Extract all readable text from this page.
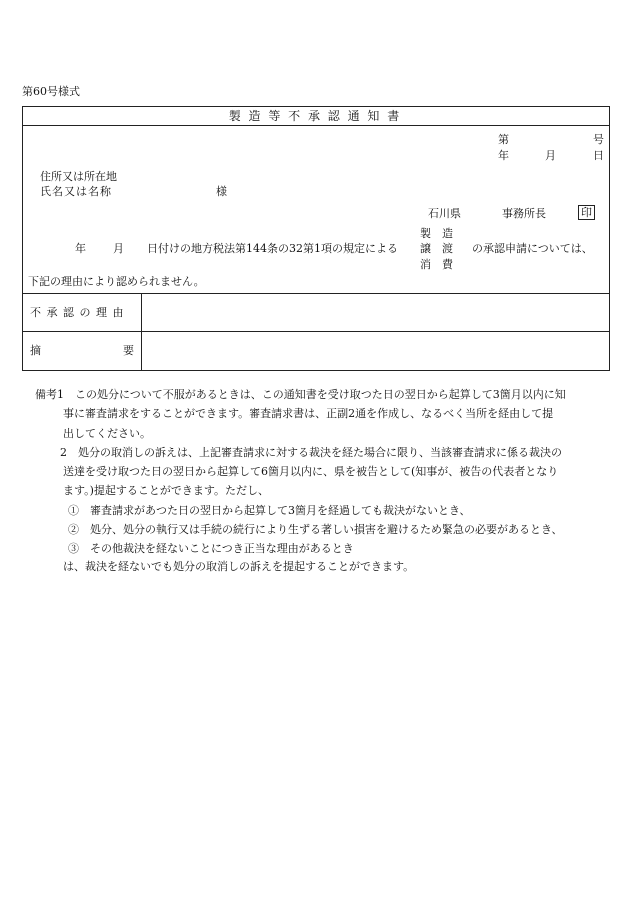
第60号様式
製 造 等 不 承 認 通 知 書
第	号
年	月	日
住所又は所在地
氏名又は名称	様
石川県	事務所長	印
年 月 日付けの地方税法第144条の32第1項の規定による
製　造
譲　渡
消　費
の承認申請については、
下記の理由により認められません。
不 承 認 の 理 由
摘	要
備考1　この処分について不服があるときは、この通知書を受け取つた日の翌日から起算して3箇月以内に知
事に審査請求をすることができます。審査請求書は、正副2通を作成し、なるべく当所を経由して提
出してください。
2　処分の取消しの訴えは、上記審査請求に対する裁決を経た場合に限り、当該審査請求に係る裁決の
送達を受け取つた日の翌日から起算して6箇月以内に、県を被告として(知事が、被告の代表者となり
ます。)提起することができます。ただし、
①　審査請求があつた日の翌日から起算して3箇月を経過しても裁決がないとき、
②　処分、処分の執行又は手続の続行により生ずる著しい損害を避けるため緊急の必要があるとき、
③　その他裁決を経ないことにつき正当な理由があるとき
は、裁決を経ないでも処分の取消しの訴えを提起することができます。
